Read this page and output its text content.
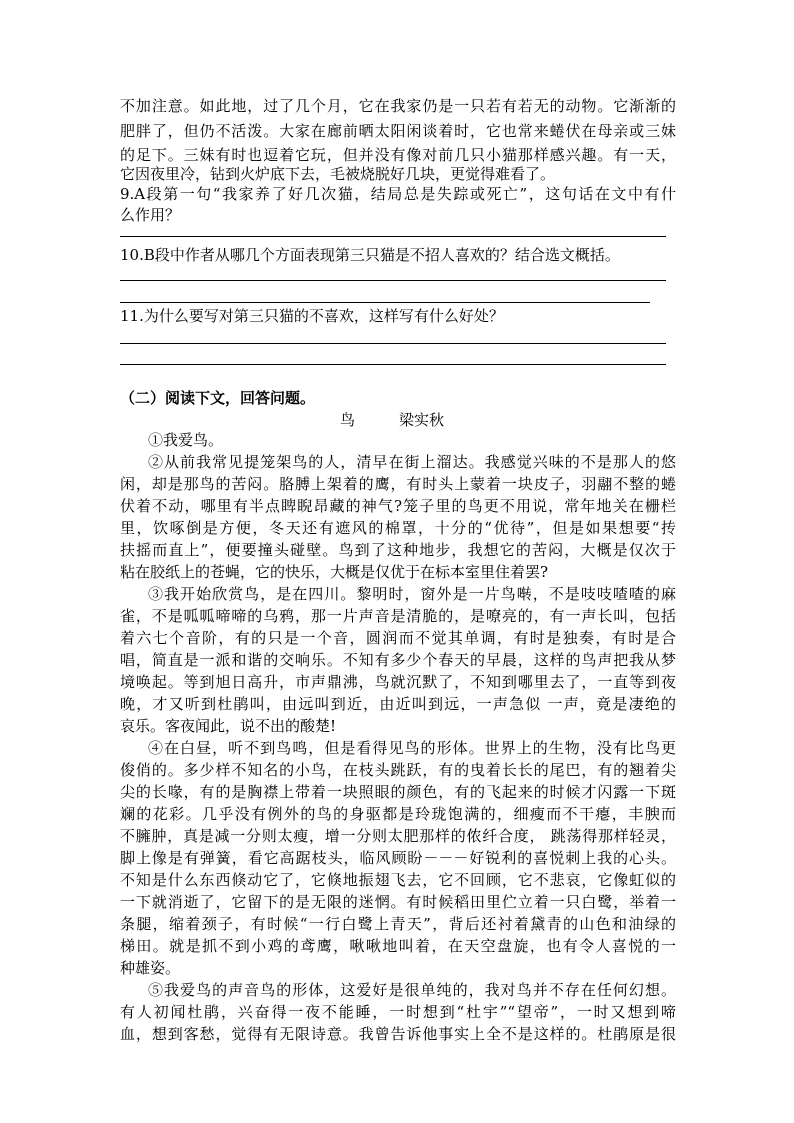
不加注意。如此地，过了几个月，它在我家仍是一只若有若无的动物。它渐渐的
肥胖了，但仍不活泼。大家在廊前晒太阳闲谈着时，它也常来蜷伏在母亲或三妹
的足下。三妹有时也逗着它玩，但并没有像对前几只小猫那样感兴趣。有一天，
它因夜里冷，钻到火炉底下去，毛被烧脱好几块，更觉得难看了。
9.A段第一句“我家养了好几次猫，结局总是失踪或死亡”，这句话在文中有什
么作用？
10.B段中作者从哪几个方面表现第三只猫是不招人喜欢的？结合选文概括。
11.为什么要写对第三只猫的不喜欢，这样写有什么好处？
（二）阅读下文，回答问题。
鸟	梁实秋
①我爱鸟。
②从前我常见提笼架鸟的人，清早在街上溜达。我感觉兴味的不是那人的悠
闲，却是那鸟的苦闷。胳膊上架着的鹰，有时头上蒙着一块皮子，羽翮不整的蜷
伏着不动，哪里有半点睥睨昂藏的神气?笼子里的鸟更不用说，常年地关在栅栏
里，饮啄倒是方便，冬天还有遮风的棉罩，十分的“优待”，但是如果想要“抟
扶摇而直上”，便要撞头碰壁。鸟到了这种地步，我想它的苦闷，大概是仅次于
粘在胶纸上的苍蝇，它的快乐，大概是仅优于在标本室里住着罢?
③我开始欣赏鸟，是在四川。黎明时，窗外是一片鸟啭，不是吱吱喳喳的麻
雀，不是呱呱啼啼的乌鸦，那一片声音是清脆的，是嘹亮的，有一声长叫，包括
着六七个音阶，有的只是一个音，圆润而不觉其单调，有时是独奏，有时是合
唱，简直是一派和谐的交响乐。不知有多少个春天的早晨，这样的鸟声把我从梦
境唤起。等到旭日高升，市声鼎沸，鸟就沉默了，不知到哪里去了，一直等到夜
晚，才又听到杜鹃叫，由远叫到近，由近叫到远，一声急似 一声，竟是凄绝的
哀乐。客夜闻此，说不出的酸楚!
④在白昼，听不到鸟鸣，但是看得见鸟的形体。世界上的生物，没有比鸟更
俊俏的。多少样不知名的小鸟，在枝头跳跃，有的曳着长长的尾巴，有的翘着尖
尖的长喙，有的是胸襟上带着一块照眼的颜色，有的飞起来的时候才闪露一下斑
斓的花彩。几乎没有例外的鸟的身驱都是玲珑饱满的，细瘦而不干瘪，丰腴而
不臃肿，真是减一分则太瘦，增一分则太肥那样的侬纤合度， 跳荡得那样轻灵，
脚上像是有弹簧，看它高踞枝头，临风顾盼－－－好锐利的喜悦刺上我的心头。
不知是什么东西倏动它了，它倏地振翅飞去，它不回顾，它不悲哀，它像虹似的
一下就消逝了，它留下的是无限的迷惘。有时候稻田里伫立着一只白鹭，举着一
条腿，缩着颈子，有时候“一行白鹭上青天”，背后还衬着黛青的山色和油绿的
梯田。就是抓不到小鸡的鸢鹰，啾啾地叫着，在天空盘旋，也有令人喜悦的一
种雄姿。
⑤我爱鸟的声音鸟的形体，这爱好是很单纯的，我对鸟并不存在任何幻想。
有人初闻杜鹃，兴奋得一夜不能睡，一时想到“杜宇”“望帝”，一时又想到啼
血，想到客愁，觉得有无限诗意。我曾告诉他事实上全不是这样的。杜鹃原是很
